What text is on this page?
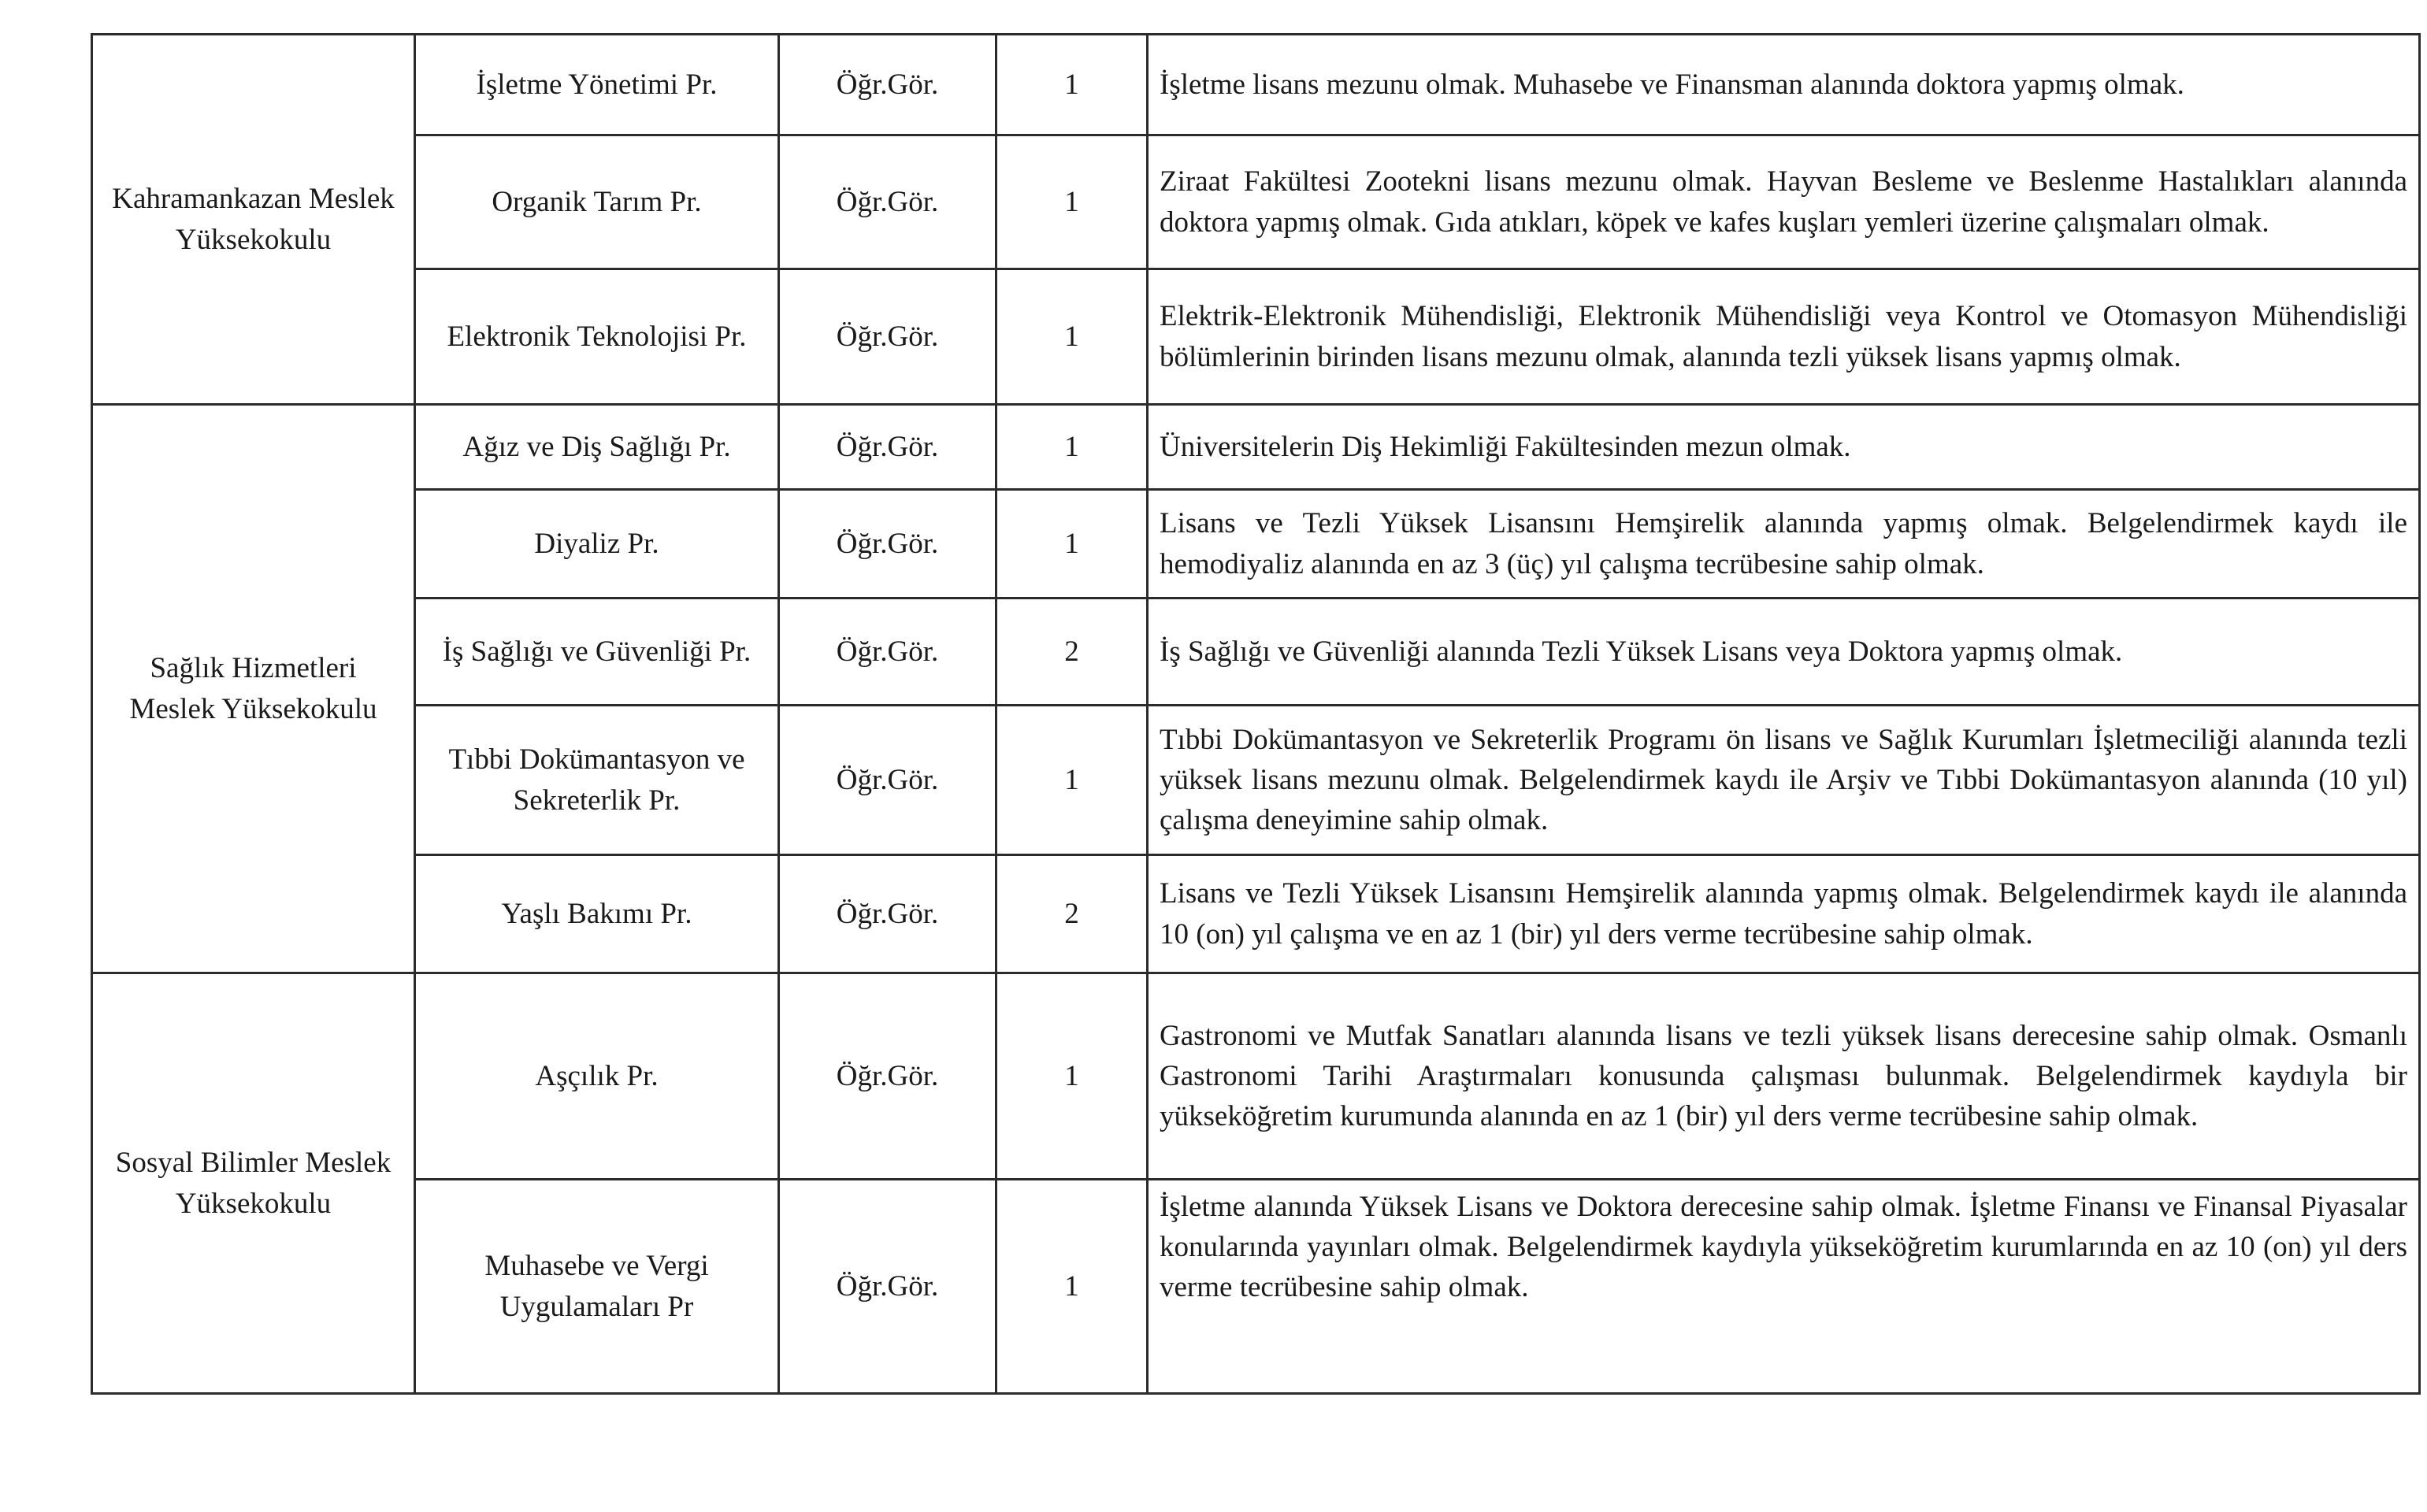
Kahramankazan Meslek Yüksekokulu	İşletme Yönetimi Pr.	Öğr.Gör.	1	İşletme lisans mezunu olmak. Muhasebe ve Finansman alanında doktora yapmış olmak.
	Organik Tarım Pr.	Öğr.Gör.	1	Ziraat Fakültesi Zootekni lisans mezunu olmak. Hayvan Besleme ve Beslenme Hastalıkları alanında doktora yapmış olmak. Gıda atıkları, köpek ve kafes kuşları yemleri üzerine çalışmaları olmak.
	Elektronik Teknolojisi Pr.	Öğr.Gör.	1	Elektrik-Elektronik Mühendisliği, Elektronik Mühendisliği veya Kontrol ve Otomasyon Mühendisliği bölümlerinin birinden lisans mezunu olmak, alanında tezli yüksek lisans yapmış olmak.
Sağlık Hizmetleri Meslek Yüksekokulu	Ağız ve Diş Sağlığı Pr.	Öğr.Gör.	1	Üniversitelerin Diş Hekimliği Fakültesinden mezun olmak.
	Diyaliz Pr.	Öğr.Gör.	1	Lisans ve Tezli Yüksek Lisansını Hemşirelik alanında yapmış olmak. Belgelendirmek kaydı ile hemodiyaliz alanında en az 3 (üç) yıl çalışma tecrübesine sahip olmak.
	İş Sağlığı ve Güvenliği Pr.	Öğr.Gör.	2	İş Sağlığı ve Güvenliği alanında Tezli Yüksek Lisans veya Doktora yapmış olmak.
	Tıbbi Dokümantasyon ve Sekreterlik Pr.	Öğr.Gör.	1	Tıbbi Dokümantasyon ve Sekreterlik Programı ön lisans ve Sağlık Kurumları İşletmeciliği alanında tezli yüksek lisans mezunu olmak. Belgelendirmek kaydı ile Arşiv ve Tıbbi Dokümantasyon alanında (10 yıl) çalışma deneyimine sahip olmak.
	Yaşlı Bakımı Pr.	Öğr.Gör.	2	Lisans ve Tezli Yüksek Lisansını Hemşirelik alanında yapmış olmak. Belgelendirmek kaydı ile alanında 10 (on) yıl çalışma ve en az 1 (bir) yıl ders verme tecrübesine sahip olmak.
Sosyal Bilimler Meslek Yüksekokulu	Aşçılık Pr.	Öğr.Gör.	1	Gastronomi ve Mutfak Sanatları alanında lisans ve tezli yüksek lisans derecesine sahip olmak. Osmanlı Gastronomi Tarihi Araştırmaları konusunda çalışması bulunmak. Belgelendirmek kaydıyla bir yükseköğretim kurumunda alanında en az 1 (bir) yıl ders verme tecrübesine sahip olmak.
	Muhasebe ve Vergi Uygulamaları Pr	Öğr.Gör.	1	İşletme alanında Yüksek Lisans ve Doktora derecesine sahip olmak. İşletme Finansı ve Finansal Piyasalar konularında yayınları olmak. Belgelendirmek kaydıyla yükseköğretim kurumlarında en az 10 (on) yıl ders verme tecrübesine sahip olmak.
